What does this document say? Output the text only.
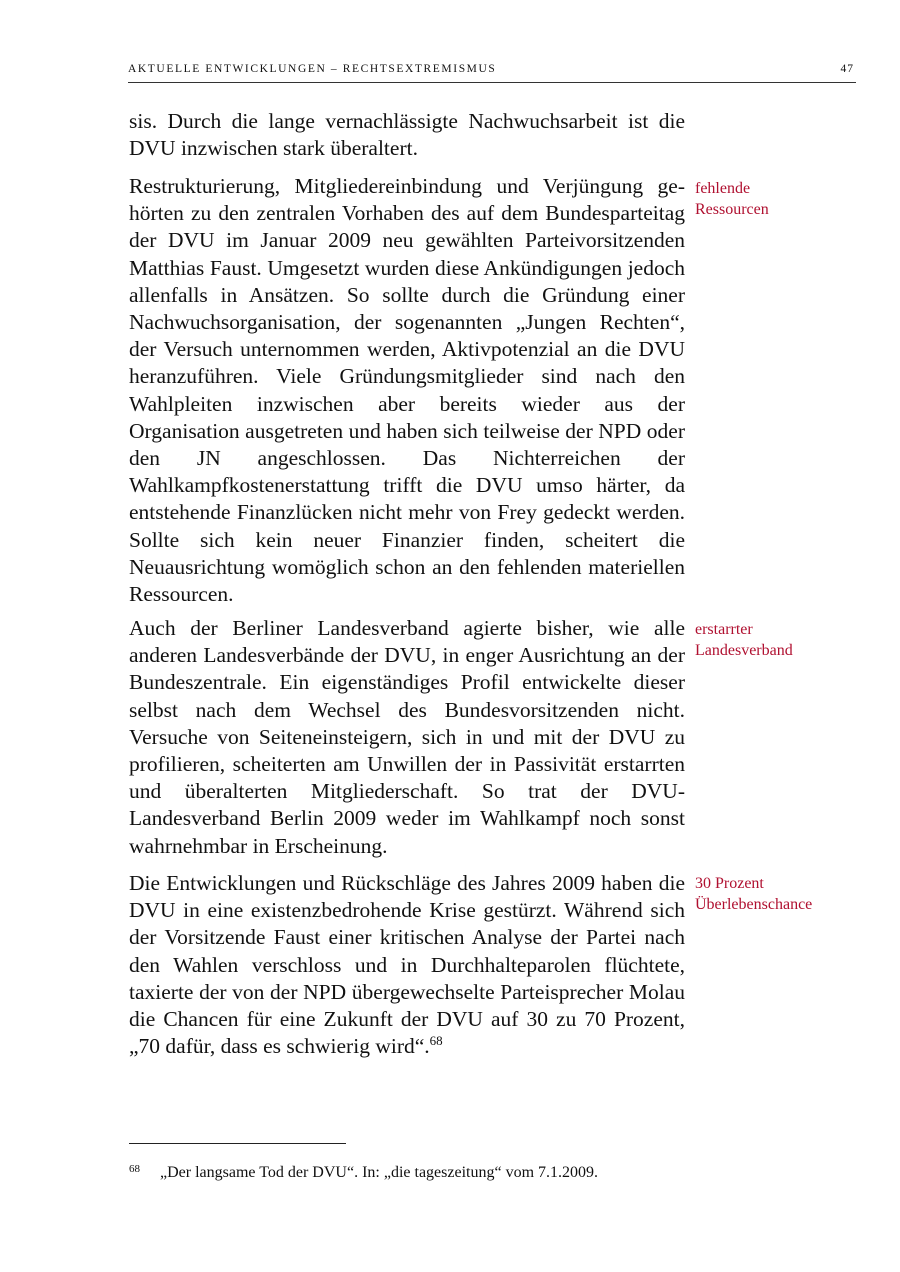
AKTUELLE ENTWICKLUNGEN – RECHTSEXTREMISMUS	47

sis. Durch die lange vernachlässigte Nachwuchsarbeit ist die DVU inzwischen stark überaltert.

Restrukturierung, Mitgliedereinbindung und Verjüngung gehörten zu den zentralen Vorhaben des auf dem Bundesparteitag der DVU im Januar 2009 neu gewählten Parteivorsitzenden Matthias Faust. Umgesetzt wurden diese Ankündigungen jedoch allenfalls in Ansätzen. So sollte durch die Gründung einer Nachwuchsorganisation, der sogenannten „Jungen Rechten“, der Versuch unternommen werden, Aktivpotenzial an die DVU heranzuführen. Viele Gründungsmitglieder sind nach den Wahlpleiten inzwischen aber bereits wieder aus der Organisation ausgetreten und haben sich teilweise der NPD oder den JN angeschlossen. Das Nichterreichen der Wahlkampfkostenerstattung trifft die DVU umso härter, da entstehende Finanzlücken nicht mehr von Frey gedeckt werden. Sollte sich kein neuer Finanzier finden, scheitert die Neuausrichtung womöglich schon an den fehlenden materiellen Ressourcen.

Auch der Berliner Landesverband agierte bisher, wie alle anderen Landesverbände der DVU, in enger Ausrichtung an der Bundeszentrale. Ein eigenständiges Profil entwickelte dieser selbst nach dem Wechsel des Bundesvorsitzenden nicht. Versuche von Seiteneinsteigern, sich in und mit der DVU zu profilieren, scheiterten am Unwillen der in Passivität erstarrten und überalterten Mitgliederschaft. So trat der DVU-Landesverband Berlin 2009 weder im Wahlkampf noch sonst wahrnehmbar in Erscheinung.

Die Entwicklungen und Rückschläge des Jahres 2009 haben die DVU in eine existenzbedrohende Krise gestürzt. Während sich der Vorsitzende Faust einer kritischen Analyse der Partei nach den Wahlen verschloss und in Durchhalteparolen flüchtete, taxierte der von der NPD übergewechselte Parteisprecher Molau die Chancen für eine Zukunft der DVU auf 30 zu 70 Prozent, „70 dafür, dass es schwierig wird“.$^{68}$

fehlende
Ressourcen
erstarrter
Landesverband
30 Prozent
Überlebenschance
68 „Der langsame Tod der DVU“. In: „die tageszeitung“ vom 7.1.2009.
